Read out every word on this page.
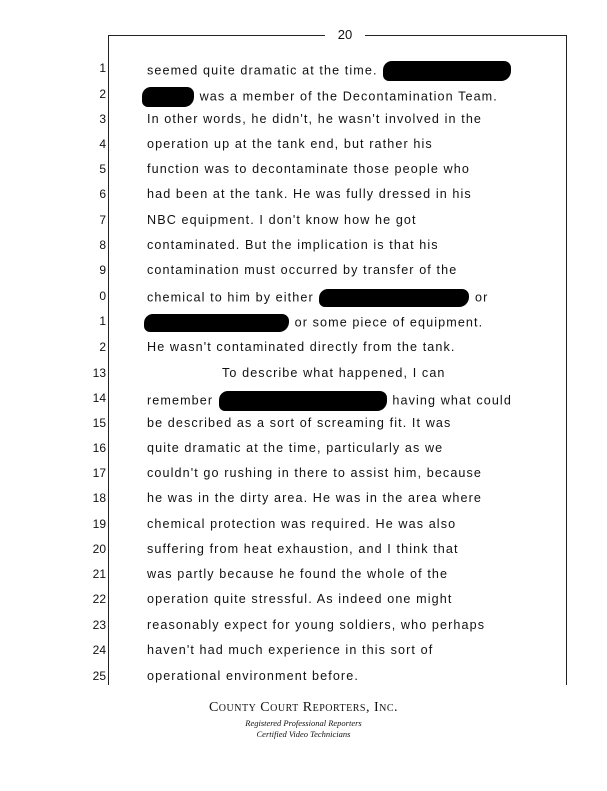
20
1
2
3
4
5
6
7
8
9
0
1
2
13
14
15
16
17
18
19
20
21
22
23
24
25
seemed quite dramatic at the time.
was a member of the Decontamination Team.
In other words, he didn't, he wasn't involved in the
operation up at the tank end, but rather his
function was to decontaminate those people who
had been at the tank. He was fully dressed in his
NBC equipment. I don't know how he got
contaminated. But the implication is that his
contamination must occurred by transfer of the
chemical to him by either	or
or some piece of equipment.
He wasn't contaminated directly from the tank.
To describe what happened, I can
remember	having what could
be described as a sort of screaming fit. It was
quite dramatic at the time, particularly as we
couldn't go rushing in there to assist him, because
he was in the dirty area. He was in the area where
chemical protection was required. He was also
suffering from heat exhaustion, and I think that
was partly because he found the whole of the
operation quite stressful. As indeed one might
reasonably expect for young soldiers, who perhaps
haven't had much experience in this sort of
operational environment before.
County Court Reporters, Inc.
Registered Professional Reporters
Certified Video Technicians
